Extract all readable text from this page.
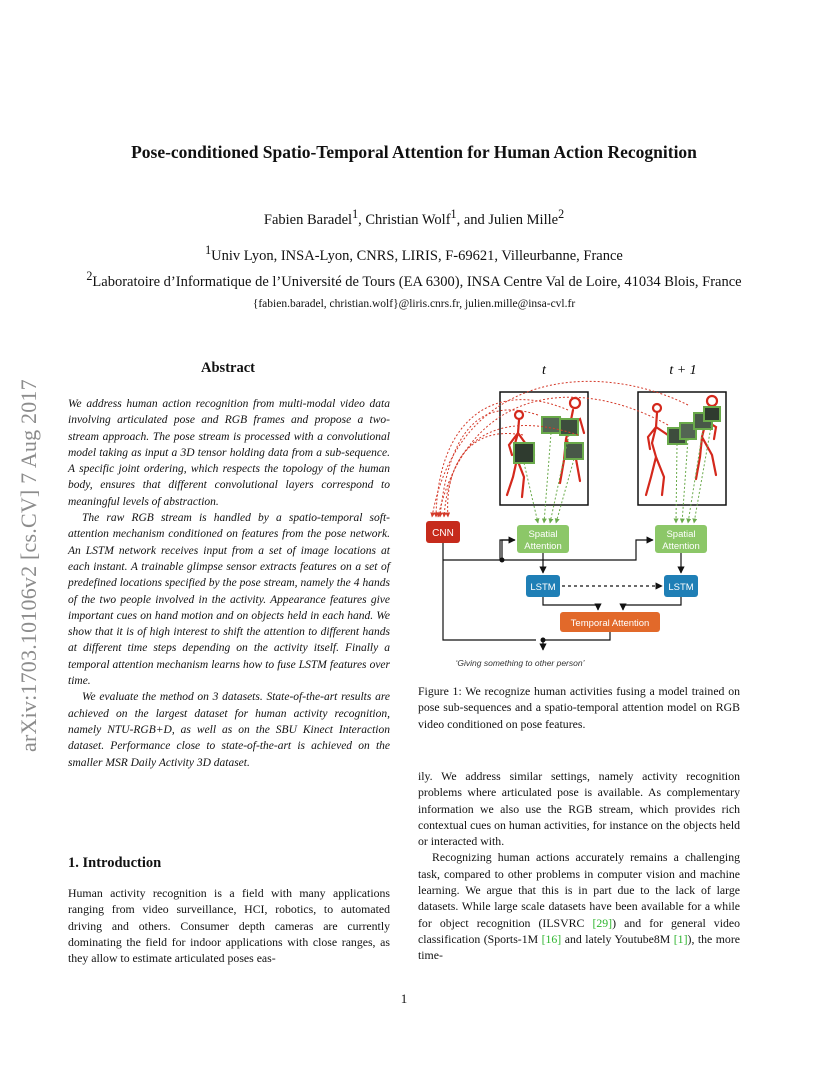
Pose-conditioned Spatio-Temporal Attention for Human Action Recognition
Fabien Baradel$^1$, Christian Wolf$^1$, and Julien Mille$^2$
$^1$Univ Lyon, INSA-Lyon, CNRS, LIRIS, F-69621, Villeurbanne, France
$^2$Laboratoire d’Informatique de l’Université de Tours (EA 6300), INSA Centre Val de Loire, 41034 Blois, France
{fabien.baradel, christian.wolf}@liris.cnrs.fr, julien.mille@insa-cvl.fr
arXiv:1703.10106v2 [cs.CV] 7 Aug 2017
Abstract

We address human action recognition from multi-modal video data involving articulated pose and RGB frames and propose a two-stream approach. The pose stream is processed with a convolutional model taking as input a 3D tensor holding data from a sub-sequence. A specific joint ordering, which respects the topology of the human body, ensures that different convolutional layers correspond to meaningful levels of abstraction.

The raw RGB stream is handled by a spatio-temporal soft-attention mechanism conditioned on features from the pose network. An LSTM network receives input from a set of image locations at each instant. A trainable glimpse sensor extracts features on a set of predefined locations specified by the pose stream, namely the 4 hands of the two people involved in the activity. Appearance features give important cues on hand motion and on objects held in each hand. We show that it is of high interest to shift the attention to different hands at different time steps depending on the activity itself. Finally a temporal attention mechanism learns how to fuse LSTM features over time.

We evaluate the method on 3 datasets. State-of-the-art results are achieved on the largest dataset for human activity recognition, namely NTU-RGB+D, as well as on the SBU Kinect Interaction dataset. Performance close to state-of-the-art is achieved on the smaller MSR Daily Activity 3D dataset.

1. Introduction
Human activity recognition is a field with many applications ranging from video surveillance, HCI, robotics, to automated driving and others. Consumer depth cameras are currently dominating the field for indoor applications with close ranges, as they allow to estimate articulated poses eas-
t	t + 1
CNN	Spatial
Attention
Spatial
Attention
LSTM	LSTM
Temporal Attention
‘Giving something to other person’
Figure 1: We recognize human activities fusing a model trained on pose sub-sequences and a spatio-temporal attention model on RGB video conditioned on pose features.

ily. We address similar settings, namely activity recognition problems where articulated pose is available. As complementary information we also use the RGB stream, which provides rich contextual cues on human activities, for instance on the objects held or interacted with.

Recognizing human actions accurately remains a challenging task, compared to other problems in computer vision and machine learning. We argue that this is in part due to the lack of large datasets. While large scale datasets have been available for a while for object recognition (ILSVRC [29]) and for general video classification (Sports-1M [16] and lately Youtube8M [1]), the more time-

1
